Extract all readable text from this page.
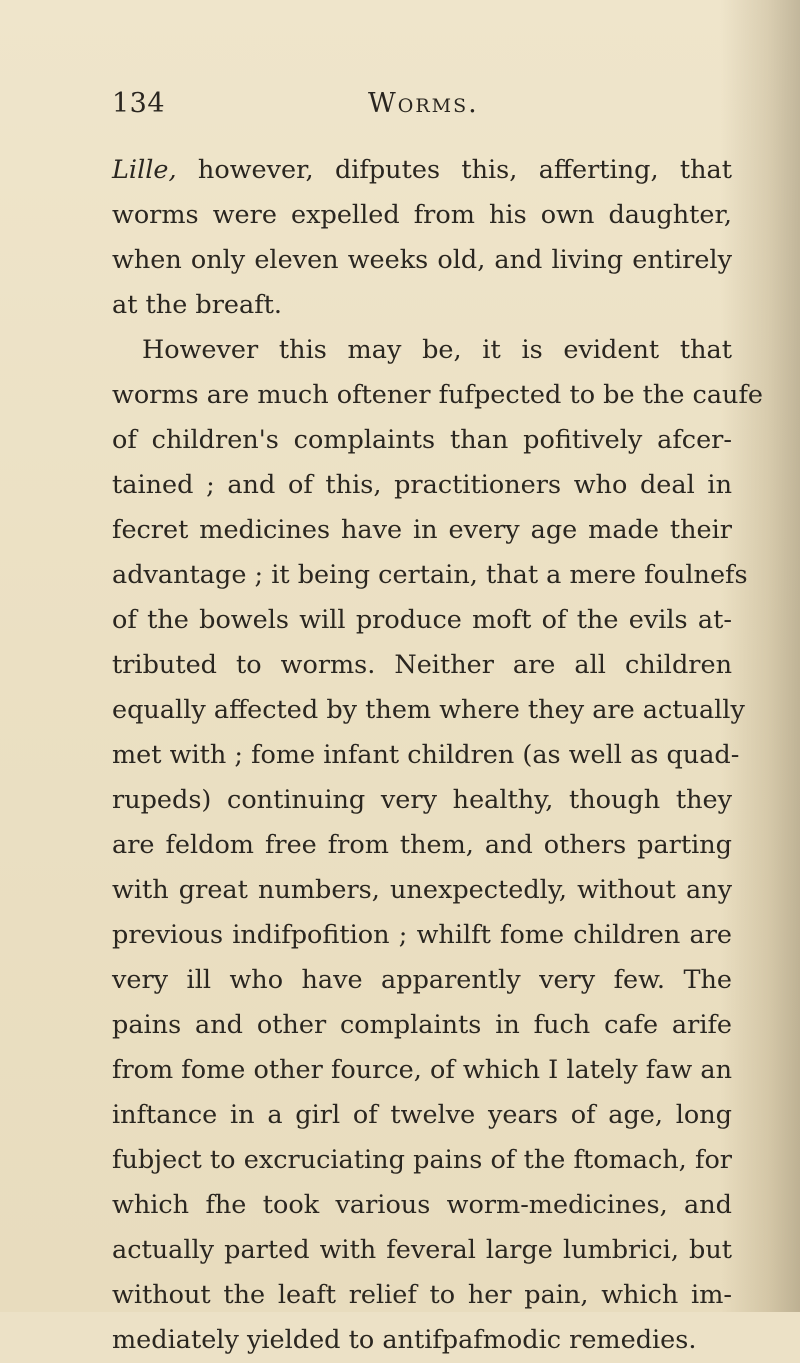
134	Worms.
Lille, however, difputes this, afferting, that
worms were expelled from his own daughter,
when only eleven weeks old, and living entirely
at the breaft.
However this may be, it is evident that
worms are much oftener fufpected to be the caufe
of children's complaints than pofitively afcer-
tained ; and of this, practitioners who deal in
fecret medicines have in every age made their
advantage ; it being certain, that a mere foulnefs
of the bowels will produce moft of the evils at-
tributed to worms. Neither are all children
equally affected by them where they are actually
met with ; fome infant children (as well as quad-
rupeds) continuing very healthy, though they
are feldom free from them, and others parting
with great numbers, unexpectedly, without any
previous indifpofition ; whilft fome children are
very ill who have apparently very few. The
pains and other complaints in fuch cafe arife
from fome other fource, of which I lately faw an
inftance in a girl of twelve years of age, long
fubject to excruciating pains of the ftomach, for
which fhe took various worm-medicines, and
actually parted with feveral large lumbrici, but
without the leaft relief to her pain, which im-
mediately yielded to antifpafmodic remedies.
